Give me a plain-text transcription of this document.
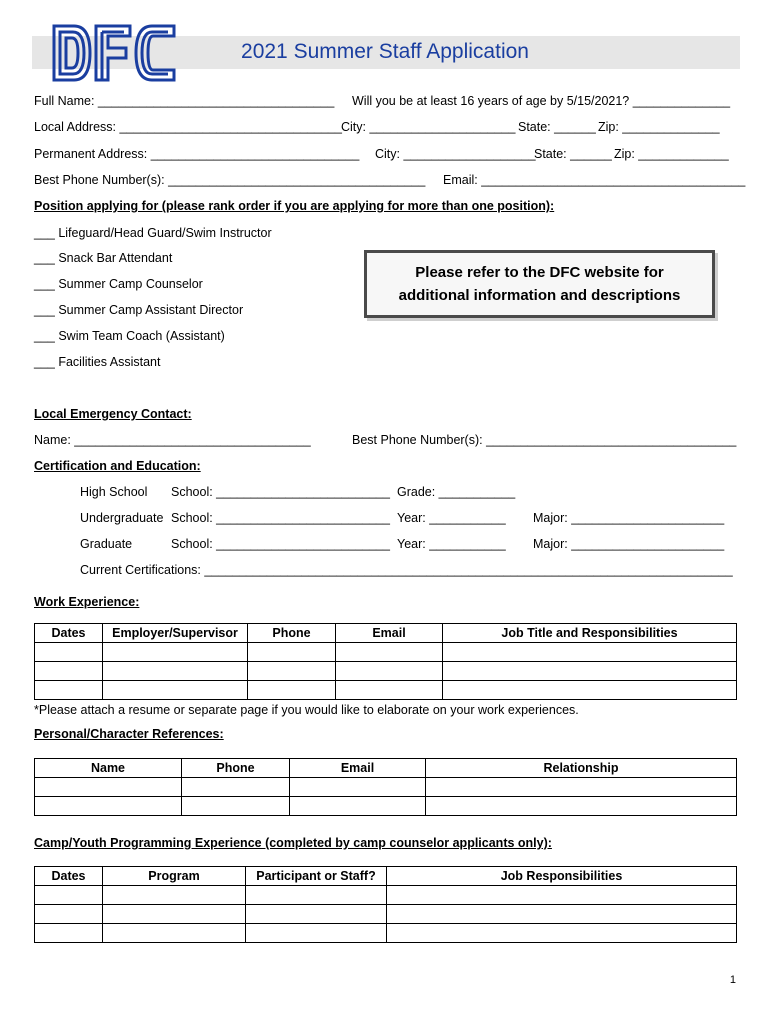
2021 Summer Staff Application
Full Name: __________________________________ Will you be at least 16 years of age by 5/15/2021? ______________
Local Address: ________________________________ City: _____________________ State: ______ Zip: ______________
Permanent Address: ______________________________ City: ___________________
State: ______ Zip: _____________
Best Phone Number(s): _____________________________________ Email: ______________________________________
Position applying for (please rank order if you are applying for more than one position):
___ Lifeguard/Head Guard/Swim Instructor
___ Snack Bar Attendant
___ Summer Camp Counselor
___ Summer Camp Assistant Director
___ Swim Team Coach (Assistant)
___ Facilities Assistant
Please refer to the DFC website for
additional information and descriptions
Local Emergency Contact:
Name: __________________________________	Best Phone Number(s): ____________________________________
Certification and Education:
High School School: _________________________ Grade: ___________
Undergraduate School: _________________________ Year: ___________ Major: ______________________
Graduate	School: _________________________ Year: ___________ Major: ______________________
Current Certifications: ____________________________________________________________________________
Work Experience:
Dates	Employer/Supervisor	Phone	Email	Job Title and Responsibilities

*Please attach a resume or separate page if you would like to elaborate on your work experiences.
Personal/Character References:
Name	Phone	Email	Relationship

Camp/Youth Programming Experience (completed by camp counselor applicants only):
Dates	Program	Participant or Staff?	Job Responsibilities

1
